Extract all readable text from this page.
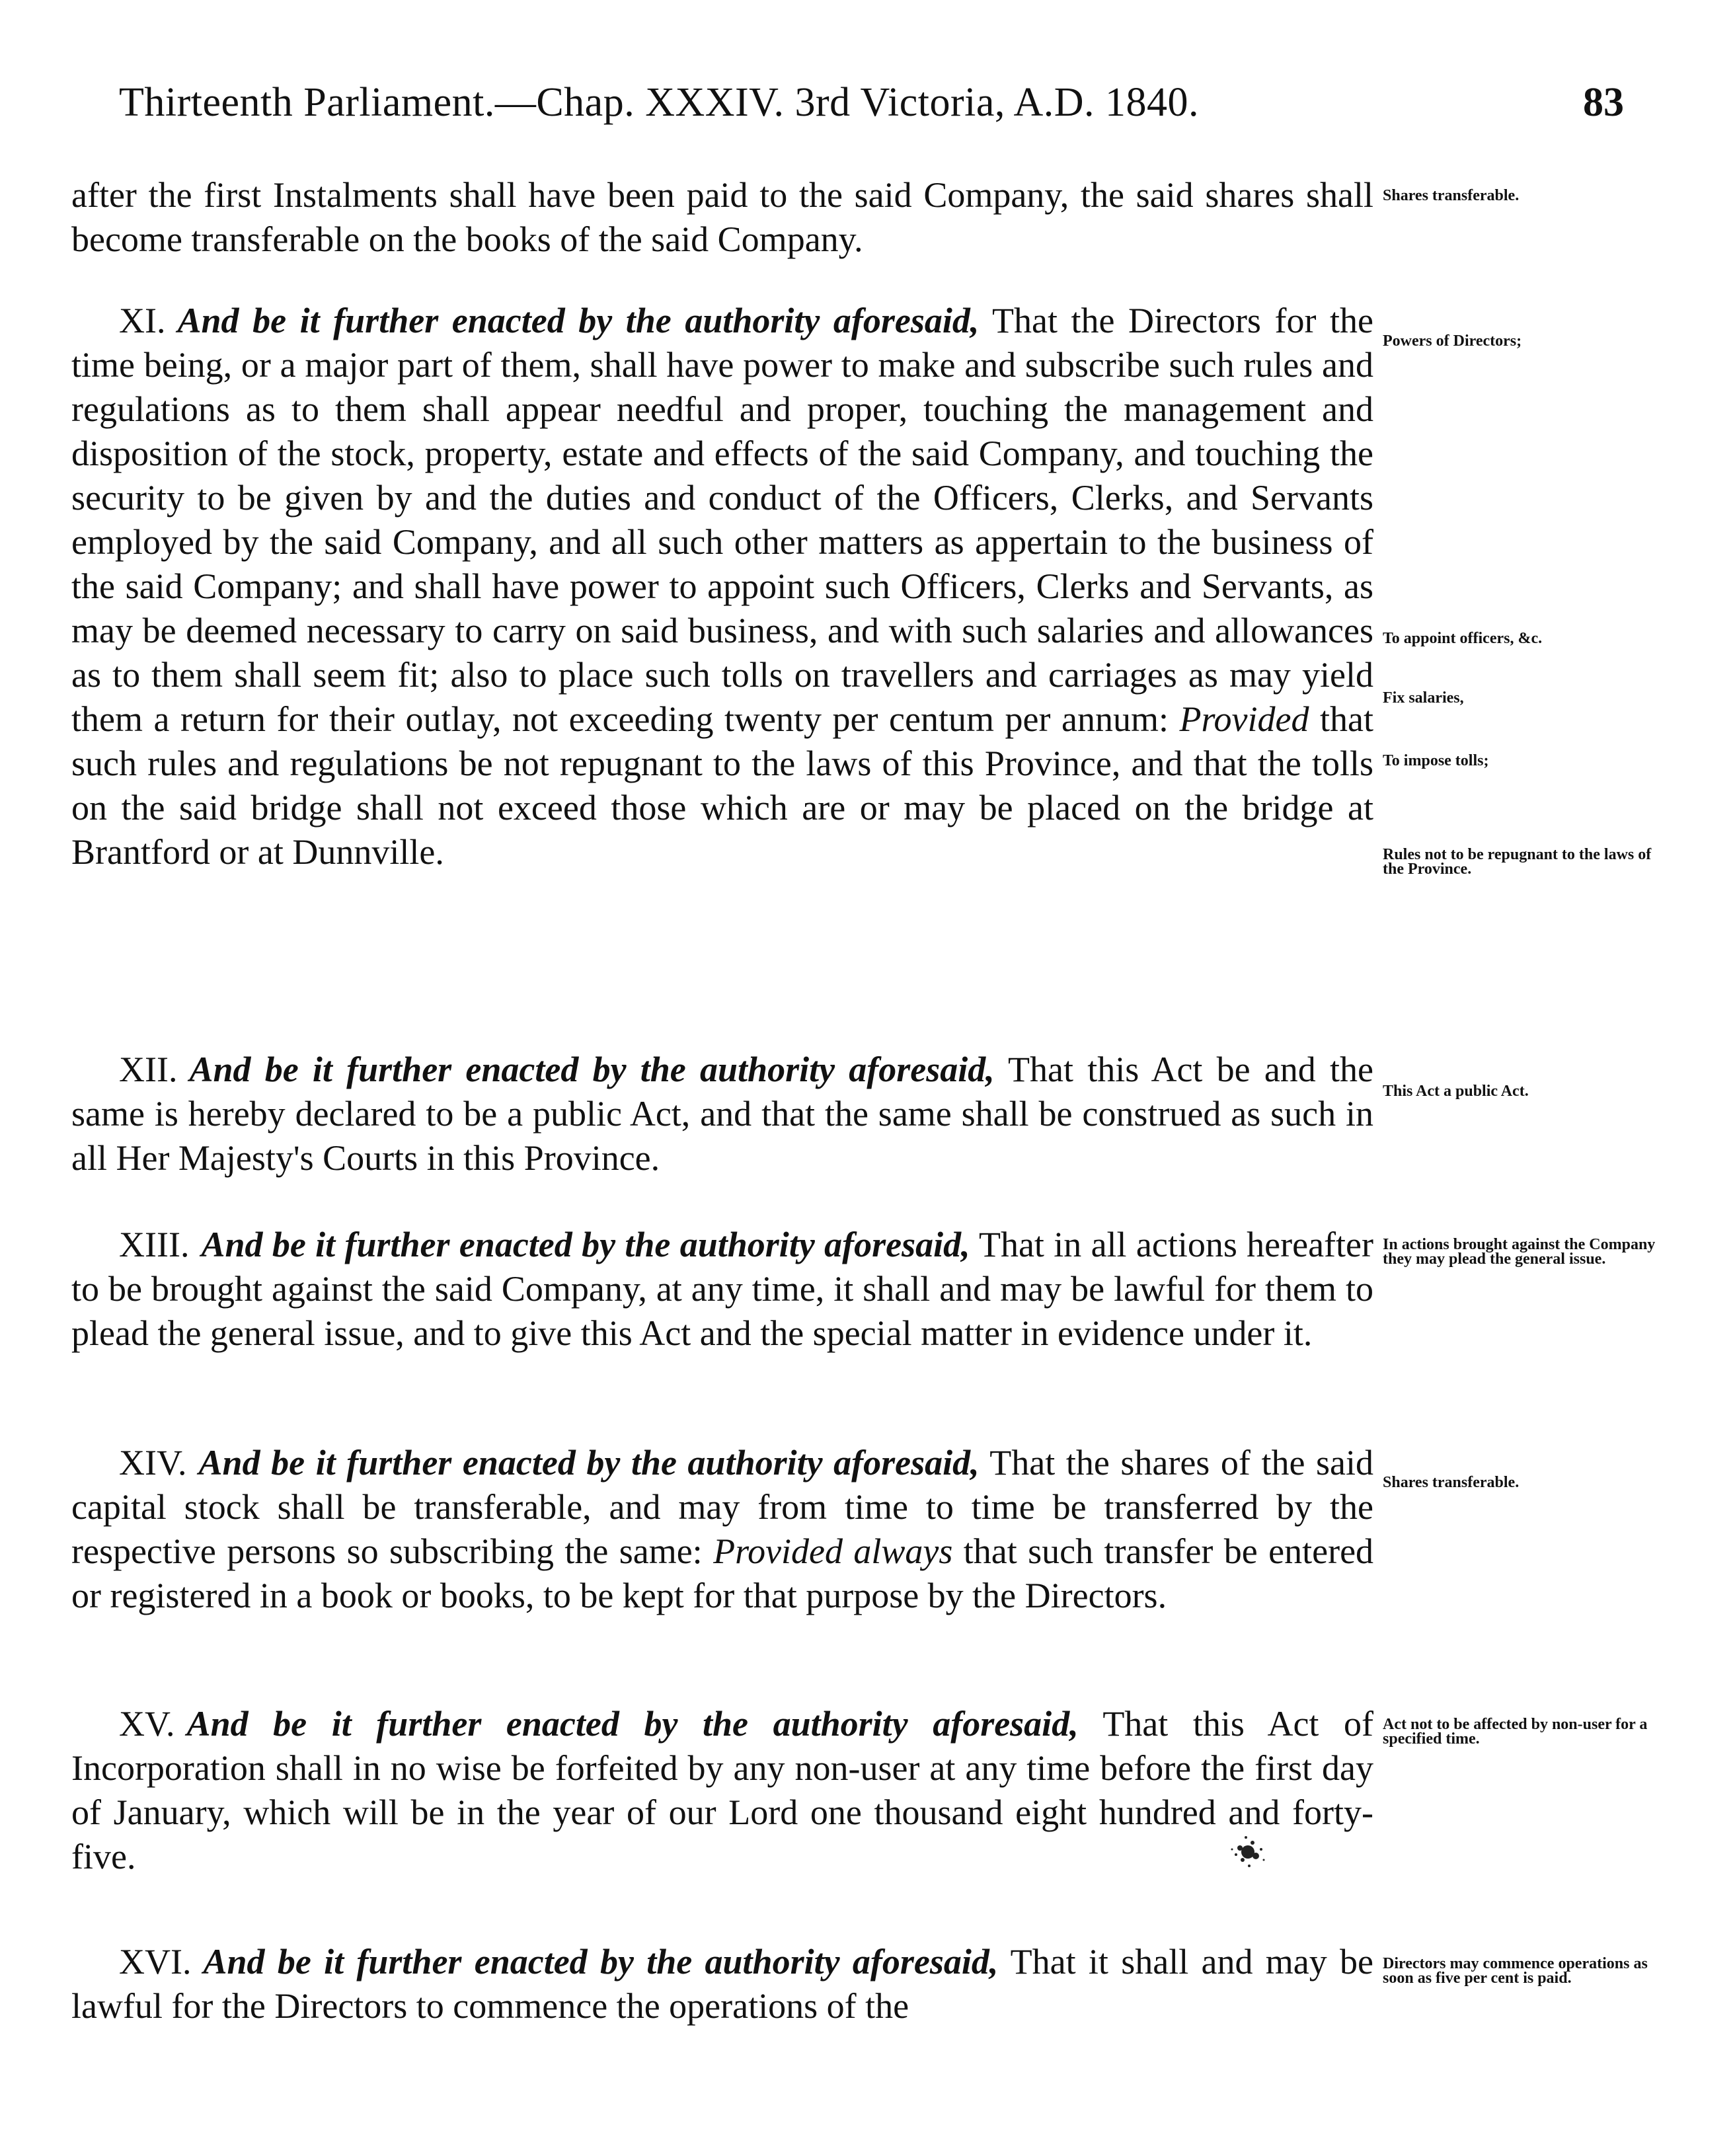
Thirteenth Parliament.—Chap. XXXIV. 3rd Victoria, A.D. 1840.	83

after the first Instalments shall have been paid to the said Company, the said shares shall become transferable on the books of the said Company.

XI. And be it further enacted by the authority aforesaid, That the Directors for the time being, or a major part of them, shall have power to make and subscribe such rules and regulations as to them shall appear needful and proper, touching the management and disposition of the stock, property, estate and effects of the said Company, and touching the security to be given by and the duties and conduct of the Officers, Clerks, and Servants employed by the said Company, and all such other matters as appertain to the business of the said Company; and shall have power to appoint such Officers, Clerks and Servants, as may be deemed necessary to carry on said business, and with such salaries and allowances as to them shall seem fit; also to place such tolls on travellers and carriages as may yield them a return for their outlay, not exceeding twenty per centum per annum: Provided that such rules and regulations be not repugnant to the laws of this Province, and that the tolls on the said bridge shall not exceed those which are or may be placed on the bridge at Brantford or at Dunnville.

XII. And be it further enacted by the authority aforesaid, That this Act be and the same is hereby declared to be a public Act, and that the same shall be construed as such in all Her Majesty's Courts in this Province.

XIII. And be it further enacted by the authority aforesaid, That in all actions hereafter to be brought against the said Company, at any time, it shall and may be lawful for them to plead the general issue, and to give this Act and the special matter in evidence under it.

XIV. And be it further enacted by the authority aforesaid, That the shares of the said capital stock shall be transferable, and may from time to time be transferred by the respective persons so subscribing the same: Provided always that such transfer be entered or registered in a book or books, to be kept for that purpose by the Directors.

XV. And be it further enacted by the authority aforesaid, That this Act of Incorporation shall in no wise be forfeited by any non-user at any time before the first day of January, which will be in the year of our Lord one thousand eight hundred and forty-five.

XVI. And be it further enacted by the authority aforesaid, That it shall and may be lawful for the Directors to commence the operations of the

Shares transferable.
Powers of Directors;
To appoint officers, &c.
Fix salaries,
To impose tolls;
Rules not to be repugnant to the laws of the Province.
This Act a public Act.
In actions brought against the Company they may plead the general issue.
Shares transferable.
Act not to be affected by non-user for a specified time.
Directors may commence operations as soon as five per cent is paid.
